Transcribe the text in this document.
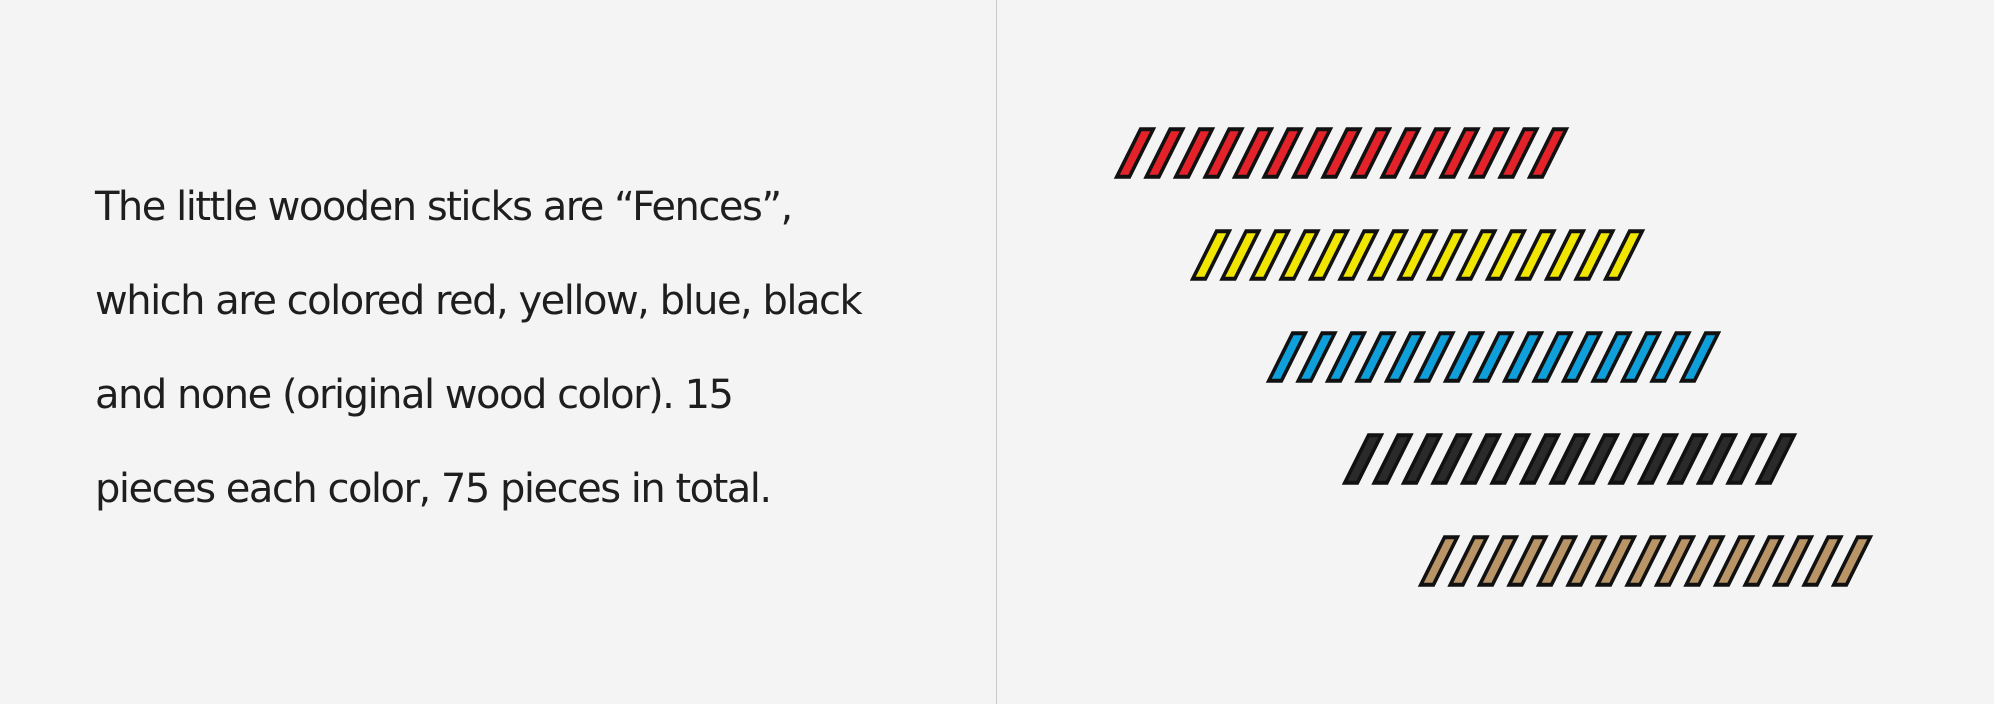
The little wooden sticks are “Fences”,
which are colored red, yellow, blue, black
and none (original wood color). 15
pieces each color, 75 pieces in total.
